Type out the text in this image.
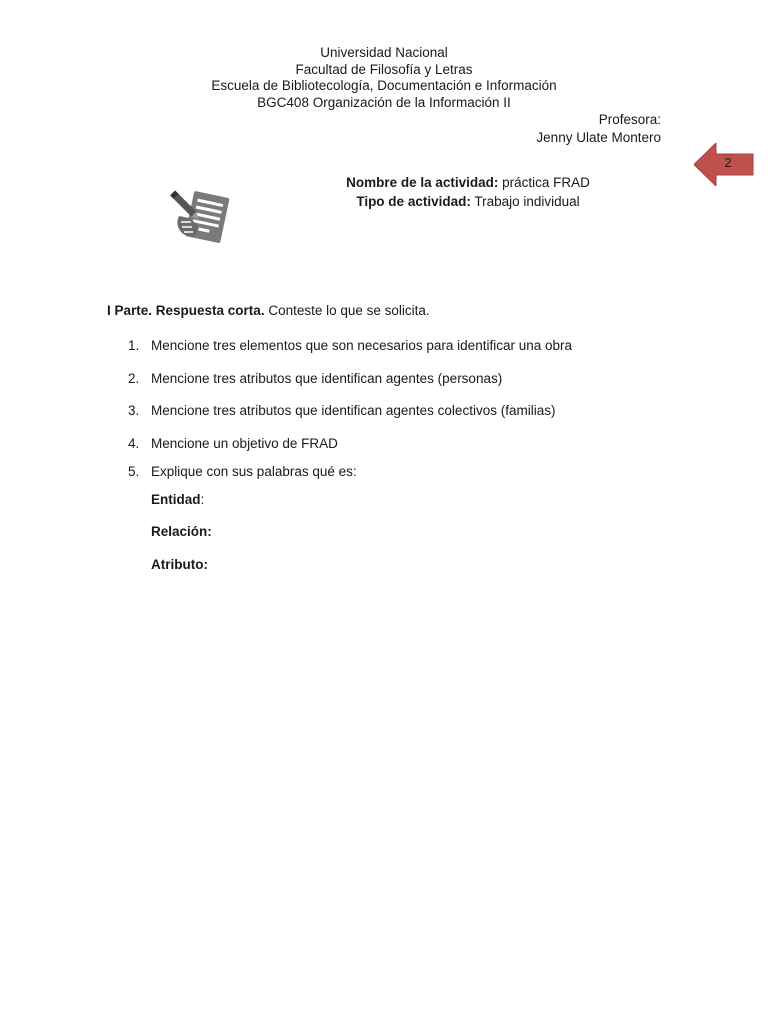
Universidad Nacional
Facultad de Filosofía y Letras
Escuela de Bibliotecología, Documentación e Información
BGC408 Organización de la Información II
Profesora:
Jenny Ulate Montero
2
Nombre de la actividad: práctica FRAD
Tipo de actividad: Trabajo individual
I Parte. Respuesta corta. Conteste lo que se solicita.
1. Mencione tres elementos que son necesarios para identificar una obra
2. Mencione tres atributos que identifican agentes (personas)
3. Mencione tres atributos que identifican agentes colectivos (familias)
4. Mencione un objetivo de FRAD
5. Explique con sus palabras qué es:
Entidad:
Relación:
Atributo:
